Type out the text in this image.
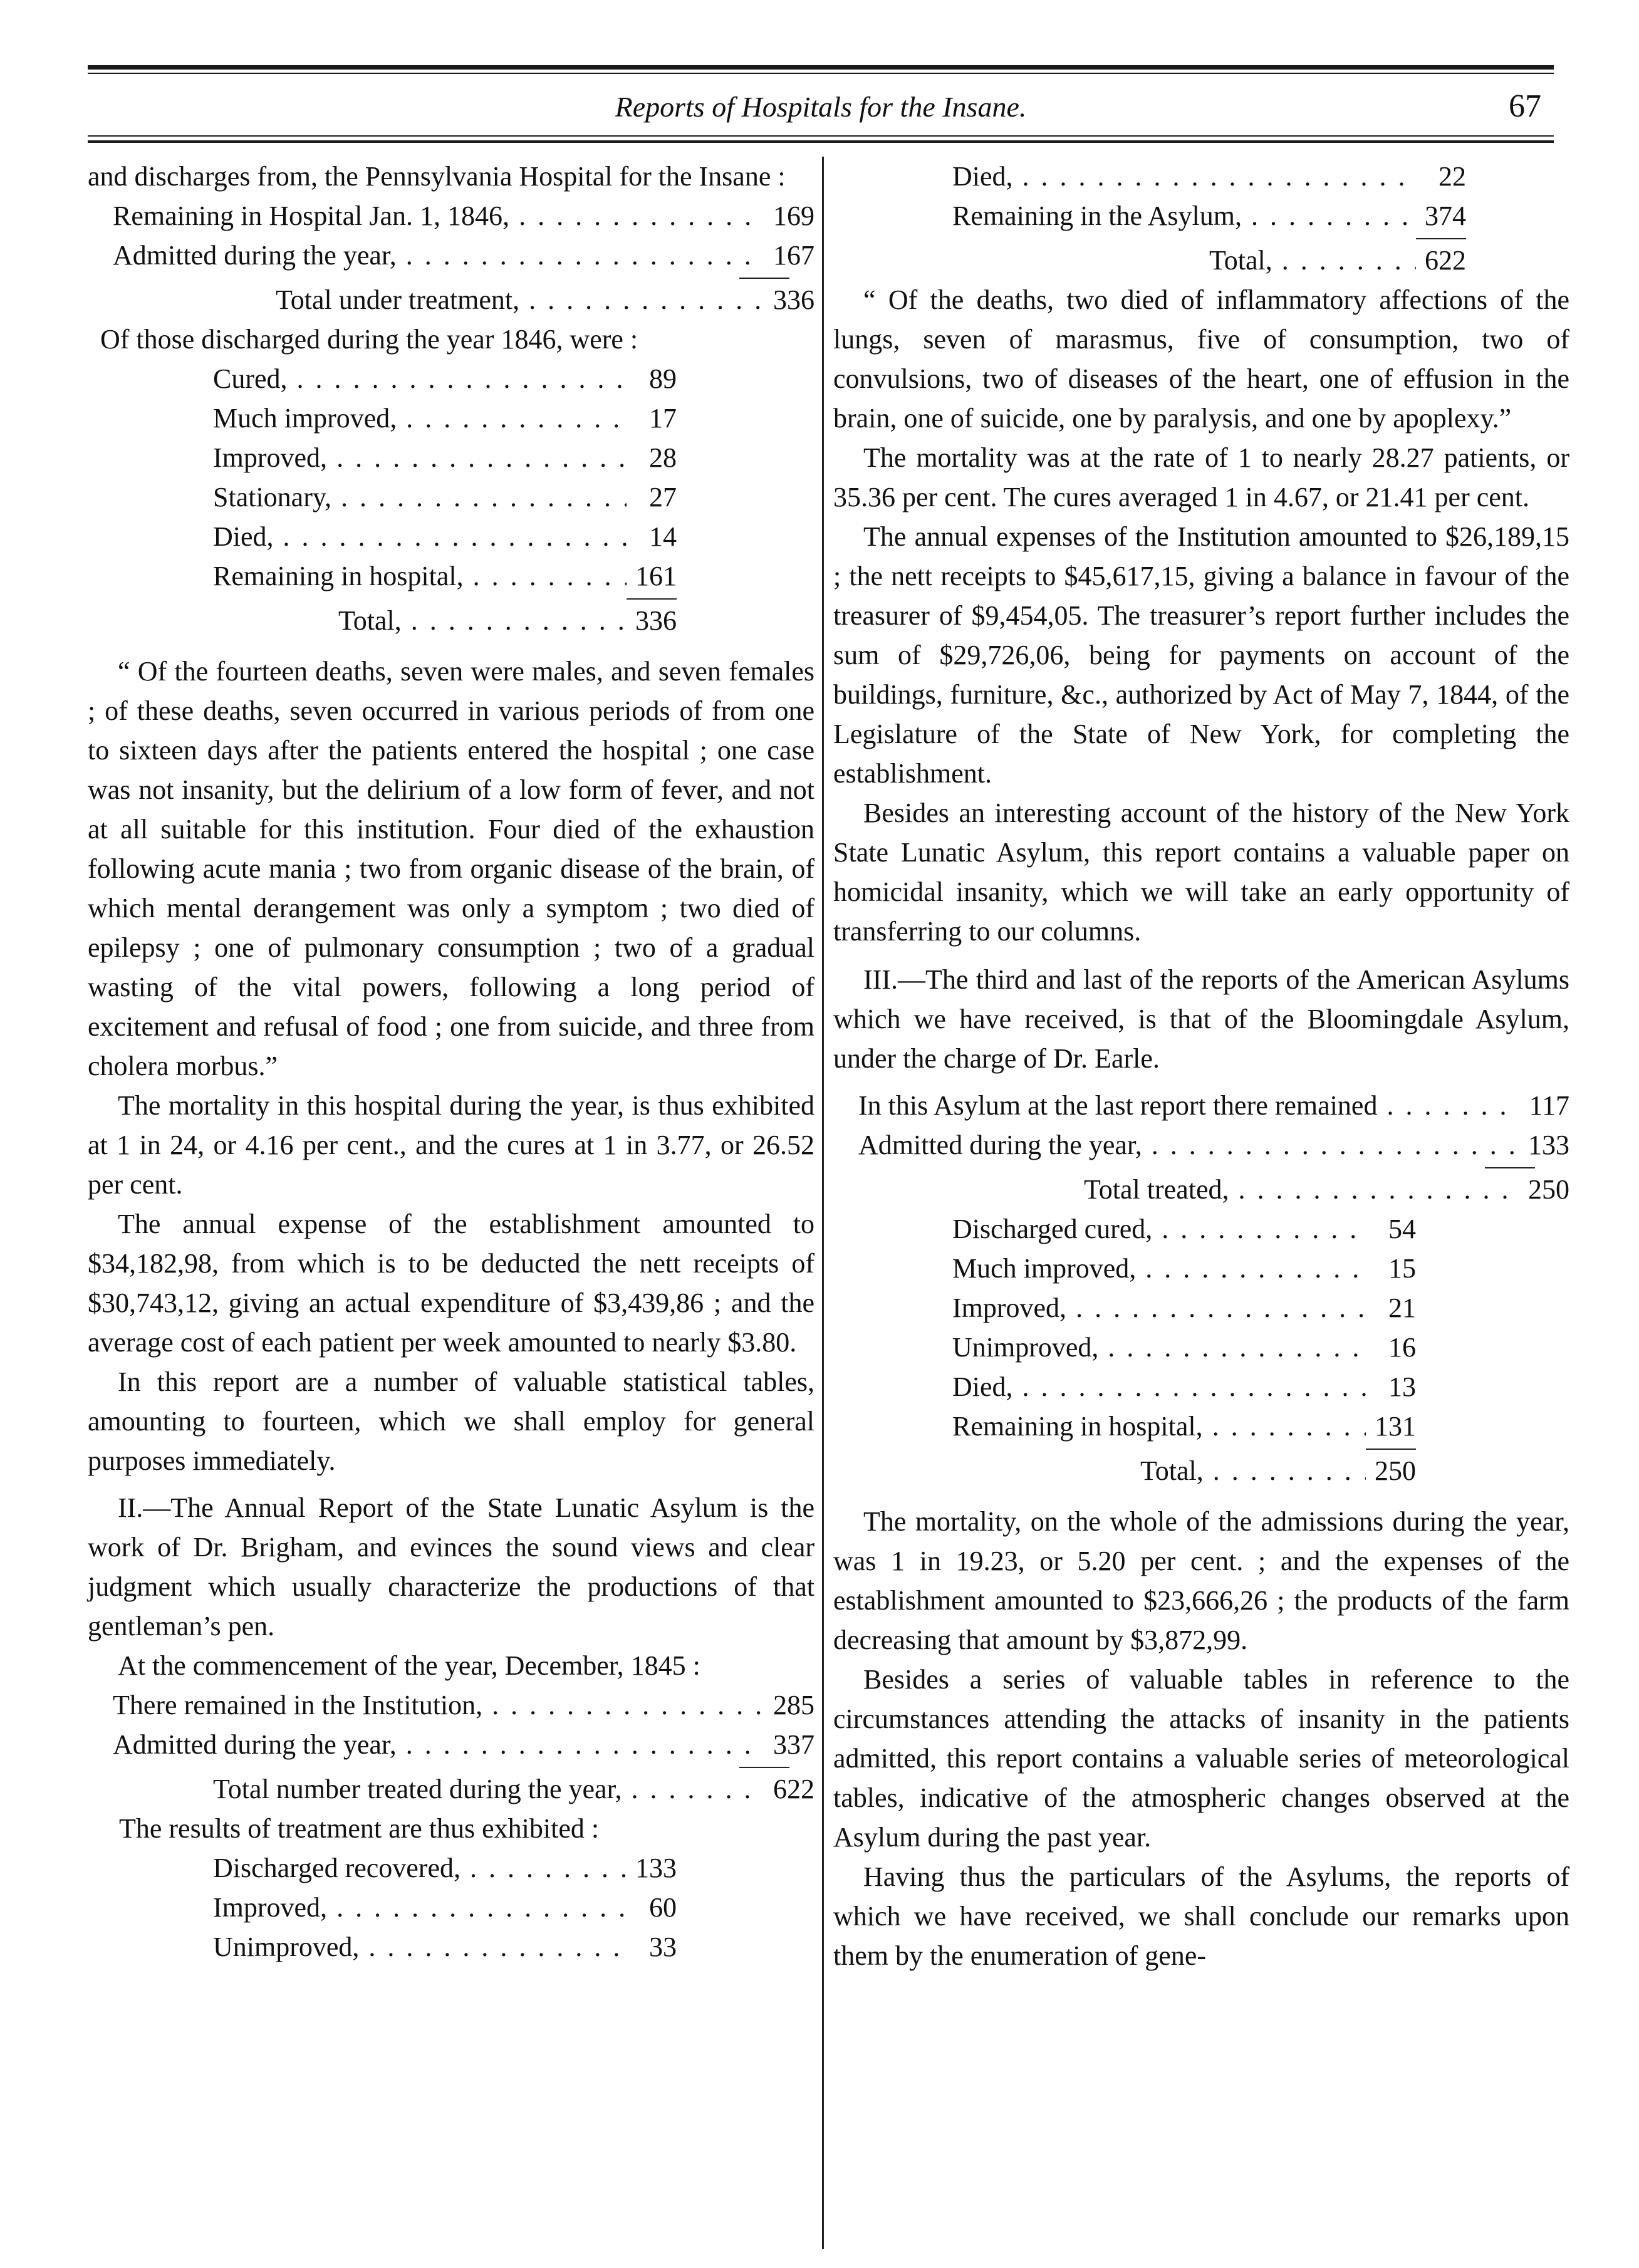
Reports of Hospitals for the Insane.	67

and discharges from, the Pennsylvania Hospital for the Insane :

Remaining in Hospital Jan. 1, 1846, . . .	169
Admitted during the year, . . .	167
Total under treatment, . . .	336

Of those discharged during the year 1846, were :

Cured, . . .	89
Much improved, . . .	17
Improved, . . .	28
Stationary, . . .	27
Died, . . .	14
Remaining in hospital, . . .	161
Total, . . .	336

“ Of the fourteen deaths, seven were males, and seven females ; of these deaths, seven occurred in various periods of from one to sixteen days after the patients entered the hospital ; one case was not insanity, but the delirium of a low form of fever, and not at all suitable for this institution. Four died of the exhaustion following acute mania ; two from organic disease of the brain, of which mental derangement was only a symptom ; two died of epilepsy ; one of pulmonary consumption ; two of a gradual wasting of the vital powers, following a long period of excitement and refusal of food ; one from suicide, and three from cholera morbus.”

The mortality in this hospital during the year, is thus exhibited at 1 in 24, or 4.16 per cent., and the cures at 1 in 3.77, or 26.52 per cent.

The annual expense of the establishment amounted to $34,182,98, from which is to be deducted the nett receipts of $30,743,12, giving an actual expenditure of $3,439,86 ; and the average cost of each patient per week amounted to nearly $3.80.

In this report are a number of valuable statistical tables, amounting to fourteen, which we shall employ for general purposes immediately.

II.—The Annual Report of the State Lunatic Asylum is the work of Dr. Brigham, and evinces the sound views and clear judgment which usually characterize the productions of that gentleman’s pen.

At the commencement of the year, December, 1845 :

There remained in the Institution, . . .	285
Admitted during the year, . . .	337
Total number treated during the year, . . .	622

The results of treatment are thus exhibited :

Discharged recovered, . . .	133
Improved, . . .	60
Unimproved, . . .	33
Died, . . .	22
Remaining in the Asylum, . . .	374
Total, . . .	622

“ Of the deaths, two died of inflammatory affections of the lungs, seven of marasmus, five of consumption, two of convulsions, two of diseases of the heart, one of effusion in the brain, one of suicide, one by paralysis, and one by apoplexy.”

The mortality was at the rate of 1 to nearly 28.27 patients, or 35.36 per cent. The cures averaged 1 in 4.67, or 21.41 per cent.

The annual expenses of the Institution amounted to $26,189,15 ; the nett receipts to $45,617,15, giving a balance in favour of the treasurer of $9,454,05. The treasurer’s report further includes the sum of $29,726,06, being for payments on account of the buildings, furniture, &c., authorized by Act of May 7, 1844, of the Legislature of the State of New York, for completing the establishment.

Besides an interesting account of the history of the New York State Lunatic Asylum, this report contains a valuable paper on homicidal insanity, which we will take an early opportunity of transferring to our columns.

III.—The third and last of the reports of the American Asylums which we have received, is that of the Bloomingdale Asylum, under the charge of Dr. Earle.

In this Asylum at the last report there remained . . .	117
Admitted during the year, . . .	133
Total treated, . . .	250
Discharged cured, . . .	54
Much improved, . . .	15
Improved, . . .	21
Unimproved, . . .	16
Died, . . .	13
Remaining in hospital, . . .	131
Total, . . .	250

The mortality, on the whole of the admissions during the year, was 1 in 19.23, or 5.20 per cent. ; and the expenses of the establishment amounted to $23,666,26 ; the products of the farm decreasing that amount by $3,872,99.

Besides a series of valuable tables in reference to the circumstances attending the attacks of insanity in the patients admitted, this report contains a valuable series of meteorological tables, indicative of the atmospheric changes observed at the Asylum during the past year.

Having thus the particulars of the Asylums, the reports of which we have received, we shall conclude our remarks upon them by the enumeration of gene-
